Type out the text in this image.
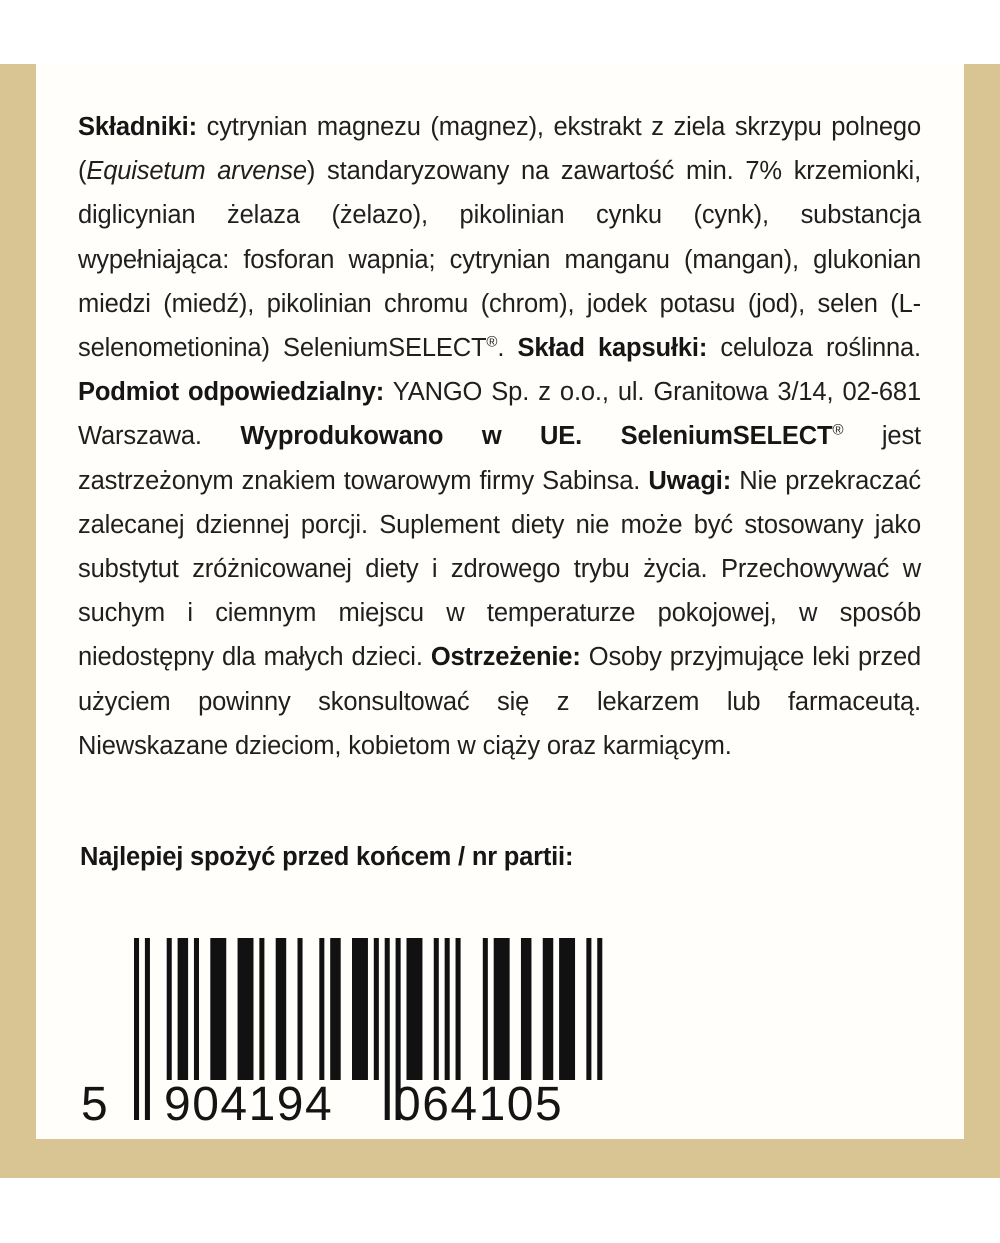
Składniki: cytrynian magnezu (magnez), ekstrakt z ziela skrzypu polnego (Equisetum arvense) standaryzowany na zawartość min. 7% krzemionki, diglicynian żelaza (żelazo), pikolinian cynku (cynk), substancja wypełniająca: fosforan wapnia; cytrynian manganu (mangan), glukonian miedzi (miedź), pikolinian chromu (chrom), jodek potasu (jod), selen (L-selenometionina) SeleniumSELECT®. Skład kapsułki: celuloza roślinna. Podmiot odpowiedzialny: YANGO Sp. z o.o., ul. Granitowa 3/14, 02-681 Warszawa. Wyprodukowano w UE. SeleniumSELECT® jest zastrzeżonym znakiem towarowym firmy Sabinsa. Uwagi: Nie przekraczać zalecanej dziennej porcji. Suplement diety nie może być stosowany jako substytut zróżnicowanej diety i zdrowego trybu życia. Przechowywać w suchym i ciemnym miejscu w temperaturze pokojowej, w sposób niedostępny dla małych dzieci. Ostrzeżenie: Osoby przyjmujące leki przed użyciem powinny skonsultować się z lekarzem lub farmaceutą. Niewskazane dzieciom, kobietom w ciąży oraz karmiącym.

Najlepiej spożyć przed końcem / nr partii:

5 904194 064105
